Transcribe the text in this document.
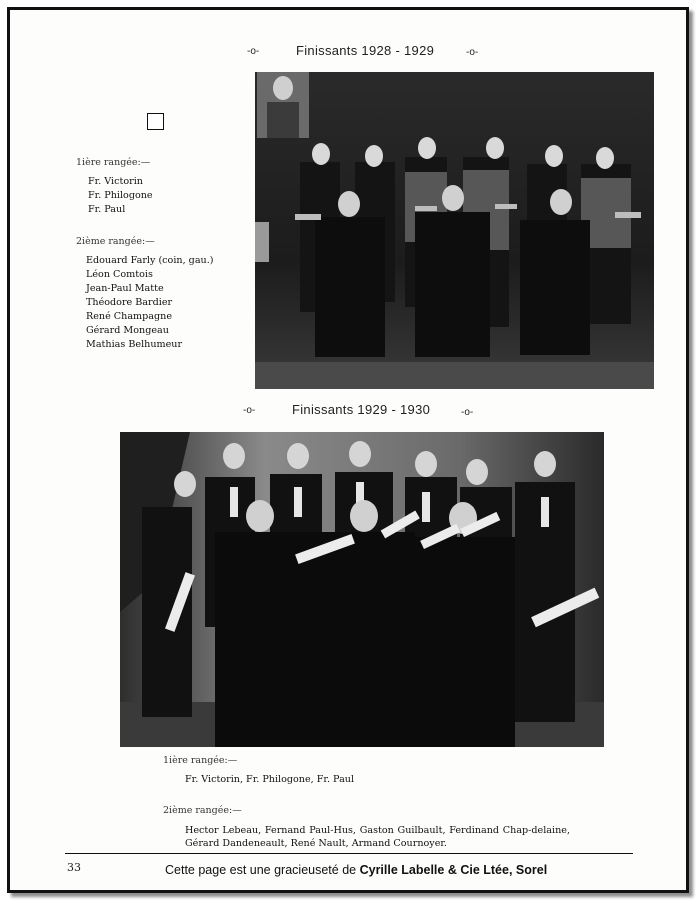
-o-	Finissants 1928 - 1929	-o-
1ière rangée:—
Fr. Victorin
Fr. Philogone
Fr. Paul
2ième rangée:—
Edouard Farly (coin, gau.)
Léon Comtois
Jean-Paul Matte
Théodore Bardier
René Champagne
Gérard Mongeau
Mathias Belhumeur
-o-	Finissants 1929 - 1930	-o-
1ière rangée:—
Fr. Victorin, Fr. Philogone, Fr. Paul
2ième rangée:—
Hector Lebeau, Fernand Paul-Hus, Gaston Guilbault, Ferdinand Chap-delaine, Gérard Dandeneault, René Nault, Armand Cournoyer.
33	Cette page est une gracieuseté de Cyrille Labelle & Cie Ltée, Sorel
